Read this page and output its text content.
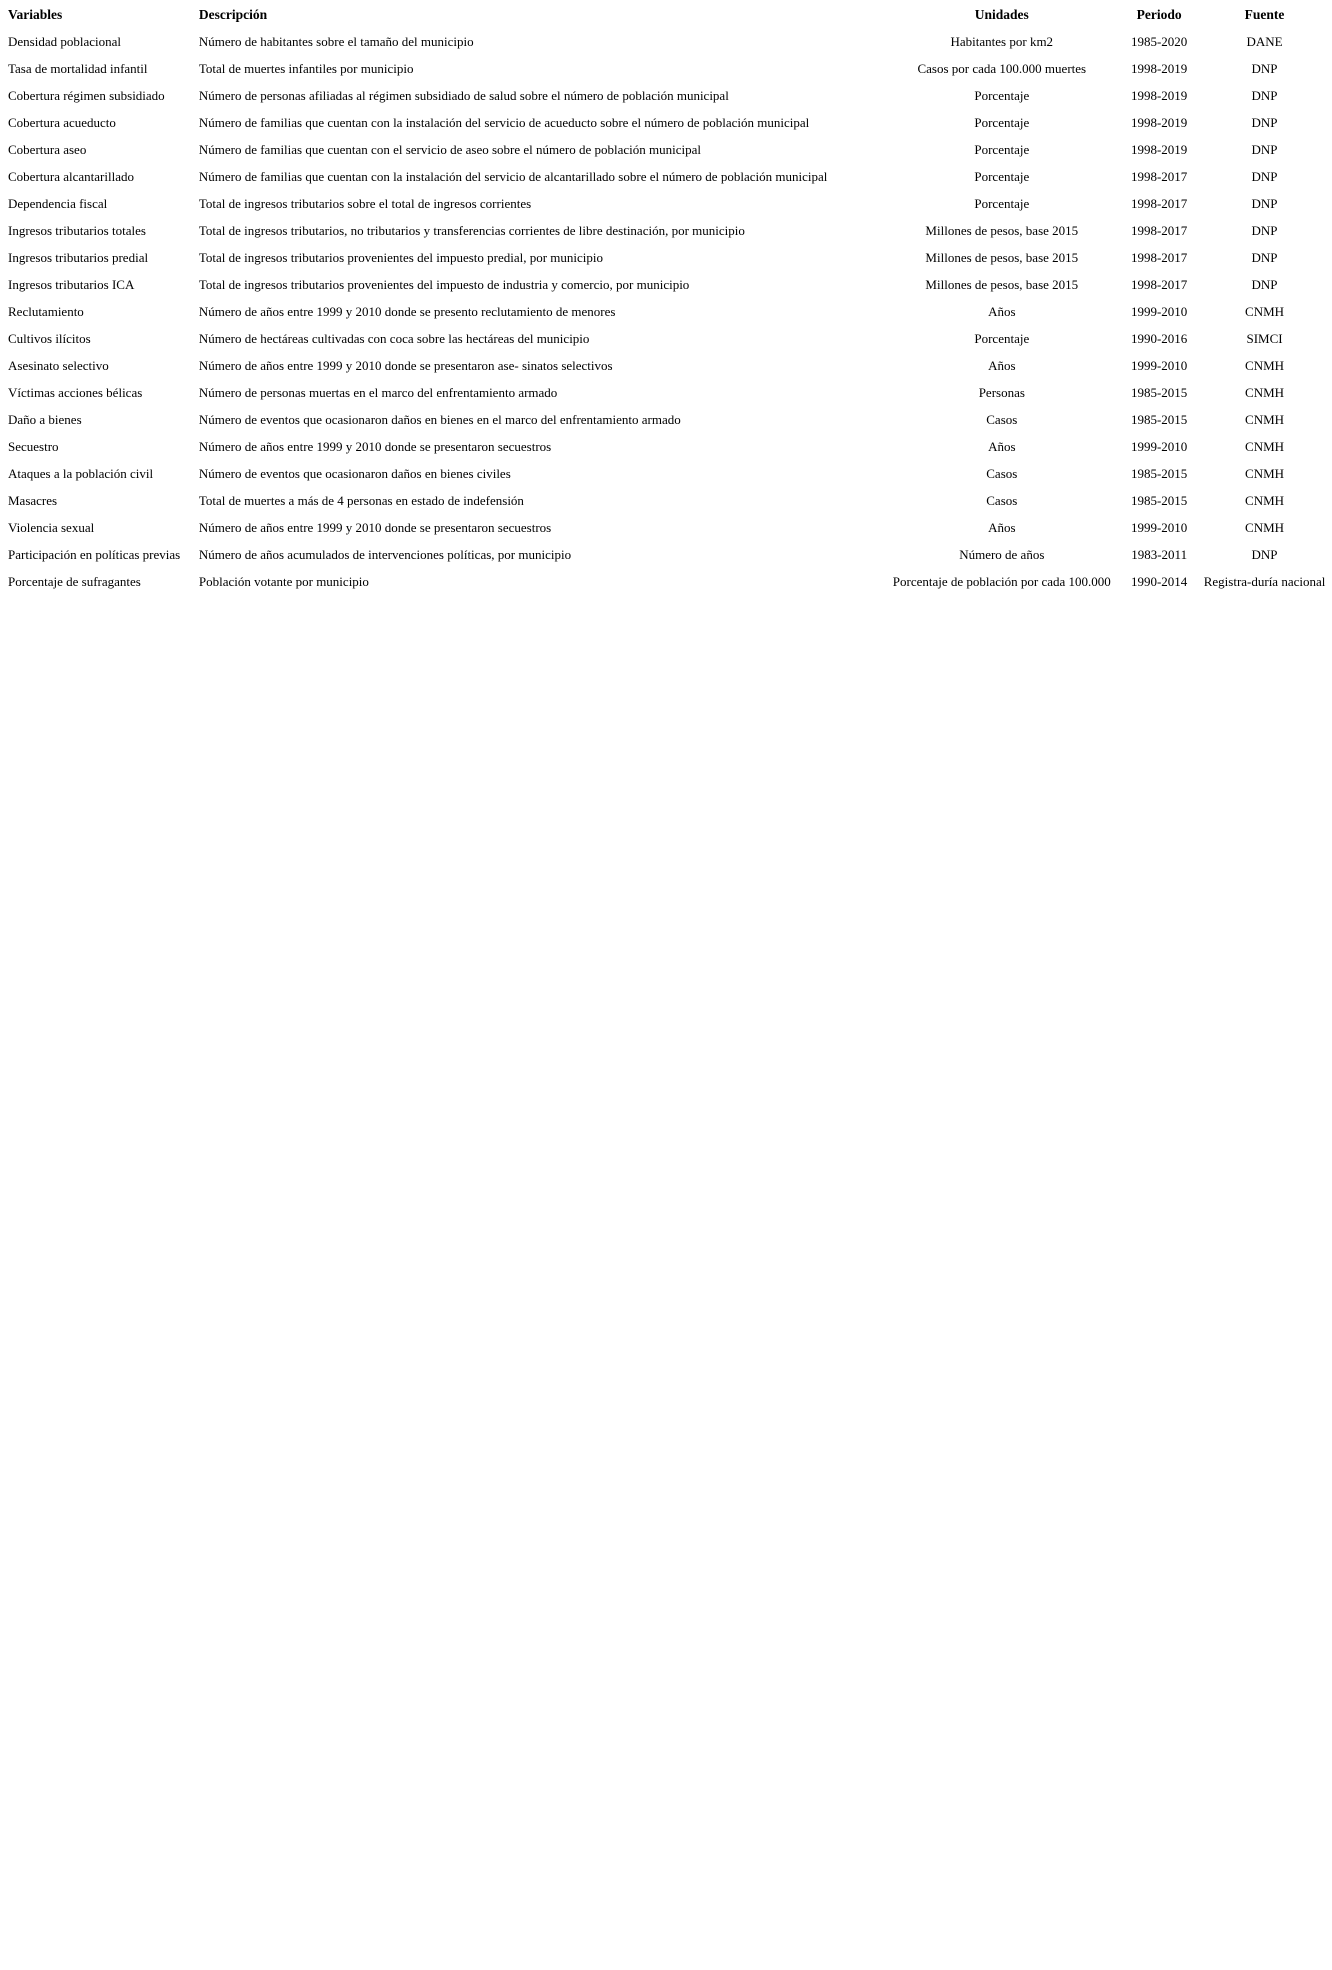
Variables	Descripción	Unidades	Periodo	Fuente
Densidad poblacional	Número de habitantes sobre el tamaño del municipio	Habitantes por km2	1985-2020	DANE
Tasa de mortalidad infantil	Total de muertes infantiles por municipio	Casos por cada 100.000 muertes	1998-2019	DNP
Cobertura régimen subsidiado	Número de personas afiliadas al régimen subsidiado de salud sobre el número de población municipal	Porcentaje	1998-2019	DNP
Cobertura acueducto	Número de familias que cuentan con la instalación del servicio de acueducto sobre el número de población municipal	Porcentaje	1998-2019	DNP
Cobertura aseo	Número de familias que cuentan con el servicio de aseo sobre el número de población municipal	Porcentaje	1998-2019	DNP
Cobertura alcantarillado	Número de familias que cuentan con la instalación del servicio de alcantarillado sobre el número de población municipal	Porcentaje	1998-2017	DNP
Dependencia fiscal	Total de ingresos tributarios sobre el total de ingresos corrientes	Porcentaje	1998-2017	DNP
Ingresos tributarios totales	Total de ingresos tributarios, no tributarios y transferencias corrientes de libre destinación, por municipio	Millones de pesos, base 2015	1998-2017	DNP
Ingresos tributarios predial	Total de ingresos tributarios provenientes del impuesto predial, por municipio	Millones de pesos, base 2015	1998-2017	DNP
Ingresos tributarios ICA	Total de ingresos tributarios provenientes del impuesto de industria y comercio, por municipio	Millones de pesos, base 2015	1998-2017	DNP
Reclutamiento	Número de años entre 1999 y 2010 donde se presento reclutamiento de menores	Años	1999-2010	CNMH
Cultivos ilícitos	Número de hectáreas cultivadas con coca sobre las hectáreas del municipio	Porcentaje	1990-2016	SIMCI
Asesinato selectivo	Número de años entre 1999 y 2010 donde se presentaron ase- sinatos selectivos	Años	1999-2010	CNMH
Víctimas acciones bélicas	Número de personas muertas en el marco del enfrentamiento armado	Personas	1985-2015	CNMH
Daño a bienes	Número de eventos que ocasionaron daños en bienes en el marco del enfrentamiento armado	Casos	1985-2015	CNMH
Secuestro	Número de años entre 1999 y 2010 donde se presentaron secuestros	Años	1999-2010	CNMH
Ataques a la población civil	Número de eventos que ocasionaron daños en bienes civiles	Casos	1985-2015	CNMH
Masacres	Total de muertes a más de 4 personas en estado de indefensión	Casos	1985-2015	CNMH
Violencia sexual	Número de años entre 1999 y 2010 donde se presentaron secuestros	Años	1999-2010	CNMH
Participación en políticas previas	Número de años acumulados de intervenciones políticas, por municipio	Número de años	1983-2011	DNP
Porcentaje de sufragantes	Población votante por municipio	Porcentaje de población por cada 100.000	1990-2014	Registra-duría nacional
